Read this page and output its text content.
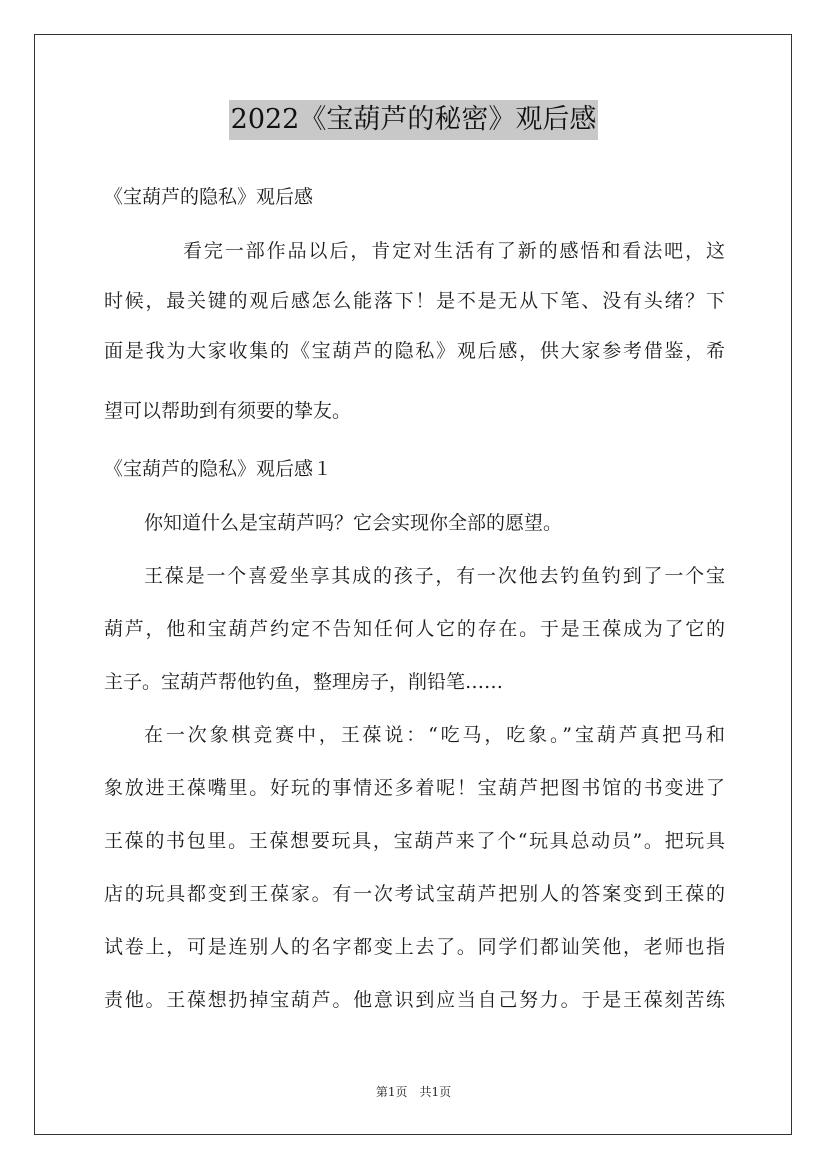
2022《宝葫芦的秘密》观后感
《宝葫芦的隐私》观后感
看完一部作品以后，肯定对生活有了新的感悟和看法吧，这
时候，最关键的观后感怎么能落下！是不是无从下笔、没有头绪？下
面是我为大家收集的《宝葫芦的隐私》观后感，供大家参考借鉴，希
望可以帮助到有须要的挚友。
《宝葫芦的隐私》观后感１
你知道什么是宝葫芦吗？它会实现你全部的愿望。
王葆是一个喜爱坐享其成的孩子，有一次他去钓鱼钓到了一个宝
葫芦，他和宝葫芦约定不告知任何人它的存在。于是王葆成为了它的
主子。宝葫芦帮他钓鱼，整理房子，削铅笔……
在一次象棋竞赛中，王葆说：“吃马，吃象。”宝葫芦真把马和
象放进王葆嘴里。好玩的事情还多着呢！宝葫芦把图书馆的书变进了
王葆的书包里。王葆想要玩具，宝葫芦来了个“玩具总动员”。把玩具
店的玩具都变到王葆家。有一次考试宝葫芦把别人的答案变到王葆的
试卷上，可是连别人的名字都变上去了。同学们都讪笑他，老师也指
责他。王葆想扔掉宝葫芦。他意识到应当自己努力。于是王葆刻苦练
第1页　共1页
